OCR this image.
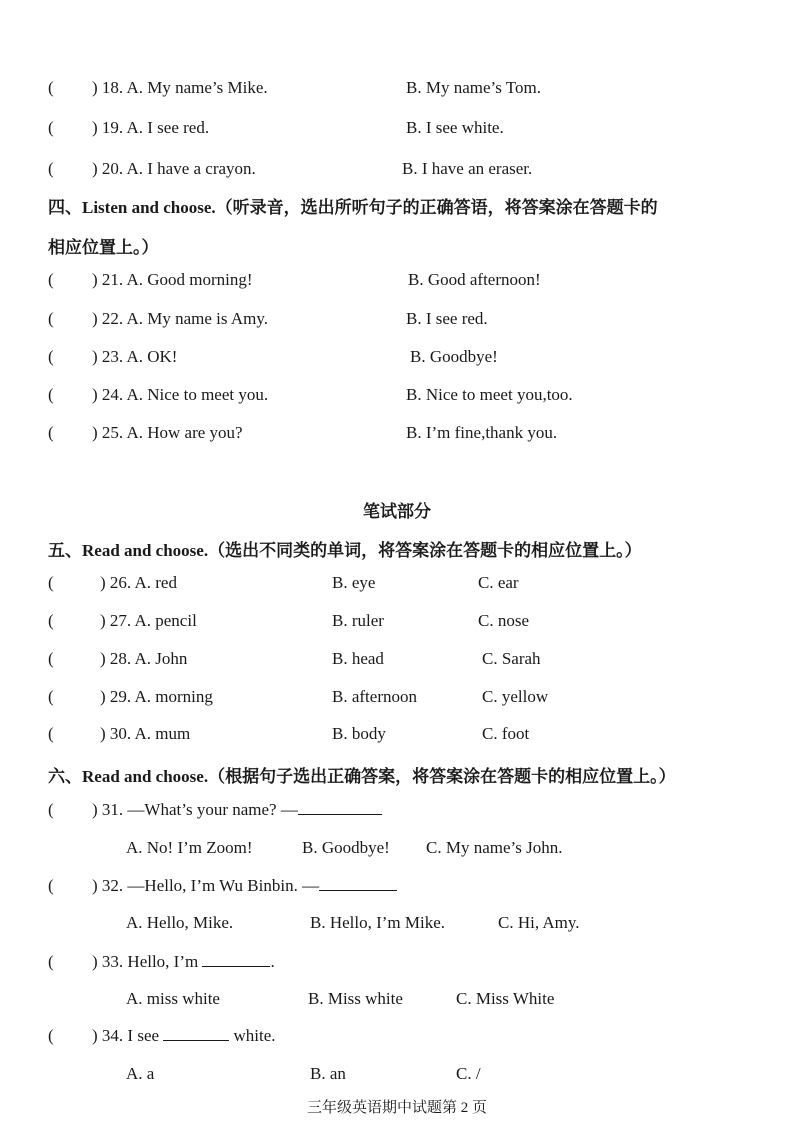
( ) 18. A. My name’s Mike.	B. My name’s Tom.
( ) 19. A. I see red.	B. I see white.
( ) 20. A. I have a crayon.	B. I have an eraser.
四、Listen and choose.（听录音，选出所听句子的正确答语，将答案涂在答题卡的
相应位置上。）
( ) 21. A. Good morning!	B. Good afternoon!
( ) 22. A. My name is Amy.	B. I see red.
( ) 23. A. OK!	B. Goodbye!
( ) 24. A. Nice to meet you.	B. Nice to meet you,too.
( ) 25. A. How are you?	B. I’m fine,thank you.
笔试部分
五、Read and choose.（选出不同类的单词，将答案涂在答题卡的相应位置上。）
(	) 26. A. red	B. eye	C. ear
(	) 27. A. pencil	B. ruler	C. nose
(	) 28. A. John	B. head	C. Sarah
(	) 29. A. morning	B. afternoon	C. yellow
(	) 30. A. mum	B. body	C. foot
六、Read and choose.（根据句子选出正确答案，将答案涂在答题卡的相应位置上。）
( ) 31. —What’s your name? —
A. No! I’m Zoom!	B. Goodbye! C. My name’s John.
( ) 32. —Hello, I’m Wu Binbin. —
A. Hello, Mike.	B. Hello, I’m Mike.	C. Hi, Amy.
( ) 33. Hello, I’m	.
A. miss white	B. Miss white	C. Miss White
( ) 34. I see	white.
A. a	B. an	C. /
三年级英语期中试题第 2 页
